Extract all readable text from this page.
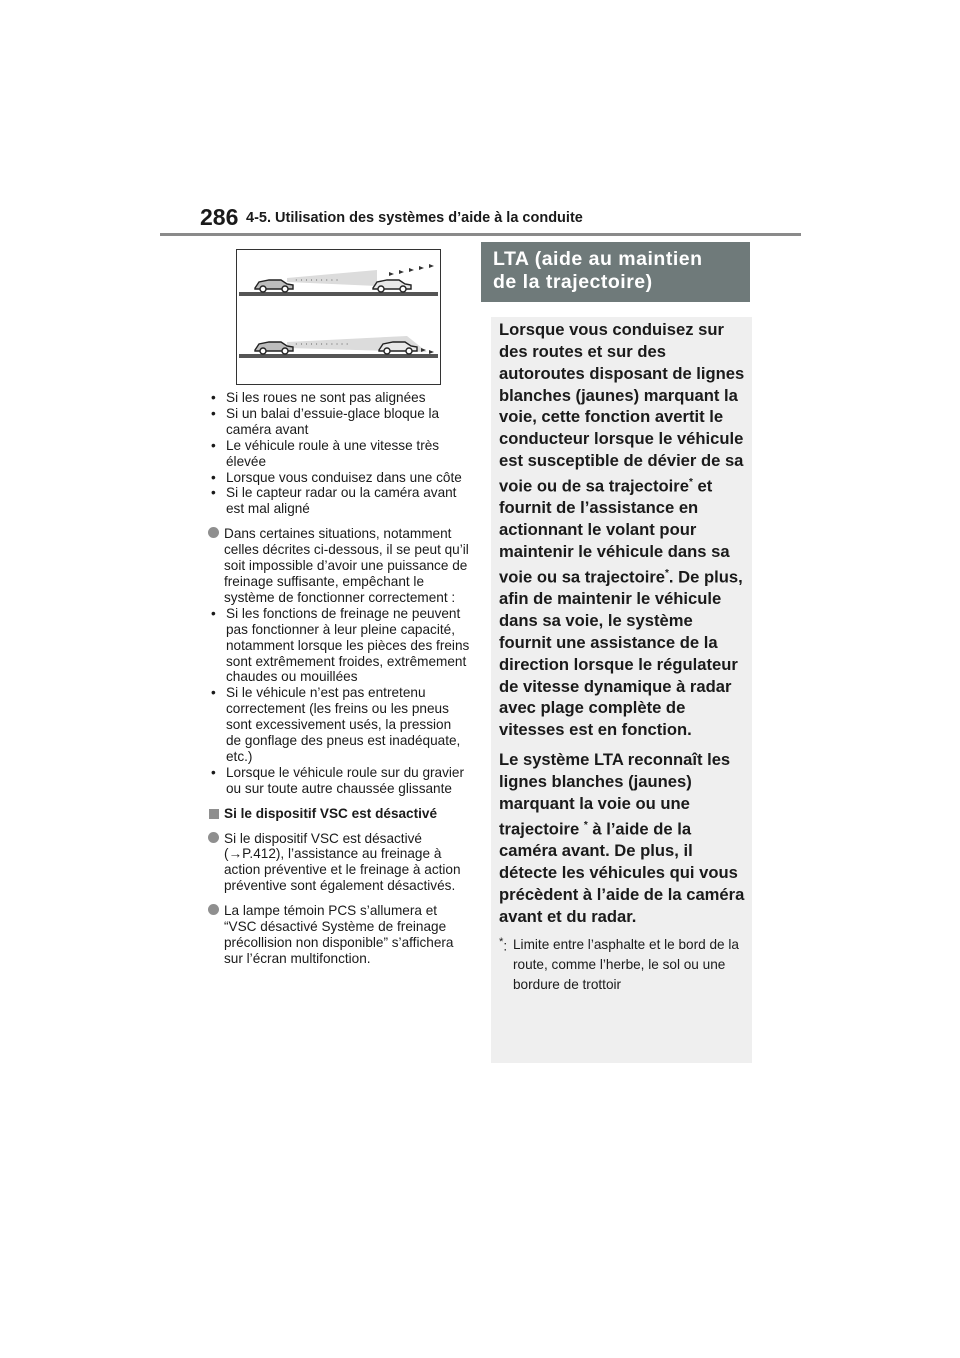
286 4-5. Utilisation des systèmes d’aide à la conduite
· · · · · · · · ·
· · · · · · · · · · ·

• Si les roues ne sont pas alignées

• Si un balai d’essuie-glace bloque la caméra avant

• Le véhicule roule à une vitesse très élevée

• Lorsque vous conduisez dans une côte

• Si le capteur radar ou la caméra avant est mal aligné

Dans certaines situations, notamment celles décrites ci-dessous, il se peut qu’il soit impossible d’avoir une puissance de freinage suffisante, empêchant le système de fonctionner correctement :

• Si les fonctions de freinage ne peuvent pas fonctionner à leur pleine capacité, notamment lorsque les pièces des freins sont extrêmement froides, extrêmement chaudes ou mouillées

• Si le véhicule n’est pas entretenu correctement (les freins ou les pneus sont excessivement usés, la pression de gonflage des pneus est inadéquate, etc.)

• Lorsque le véhicule roule sur du gravier ou sur toute autre chaussée glissante

Si le dispositif VSC est désactivé

Si le dispositif VSC est désactivé (→P.412), l’assistance au freinage à action préventive et le freinage à action préventive sont également désactivés.

La lampe témoin PCS s’allumera et “VSC désactivé Système de freinage précollision non disponible” s’affichera sur l’écran multifonction.

LTA (aide au maintien
de la trajectoire)

Lorsque vous conduisez sur des routes et sur des autoroutes disposant de lignes blanches (jaunes) marquant la voie, cette fonction avertit le conducteur lorsque le véhicule est susceptible de dévier de sa voie ou de sa trajectoire* et fournit de l’assistance en actionnant le volant pour maintenir le véhicule dans sa voie ou sa trajectoire*. De plus, afin de maintenir le véhicule dans sa voie, le système fournit une assistance de la direction lorsque le régulateur de vitesse dynamique à radar avec plage complète de vitesses est en fonction.

Le système LTA reconnaît les lignes blanches (jaunes) marquant la voie ou une trajectoire * à l’aide de la caméra avant. De plus, il détecte les véhicules qui vous précèdent à l’aide de la caméra avant et du radar.

*: Limite entre l’asphalte et le bord de la route, comme l’herbe, le sol ou une bordure de trottoir
